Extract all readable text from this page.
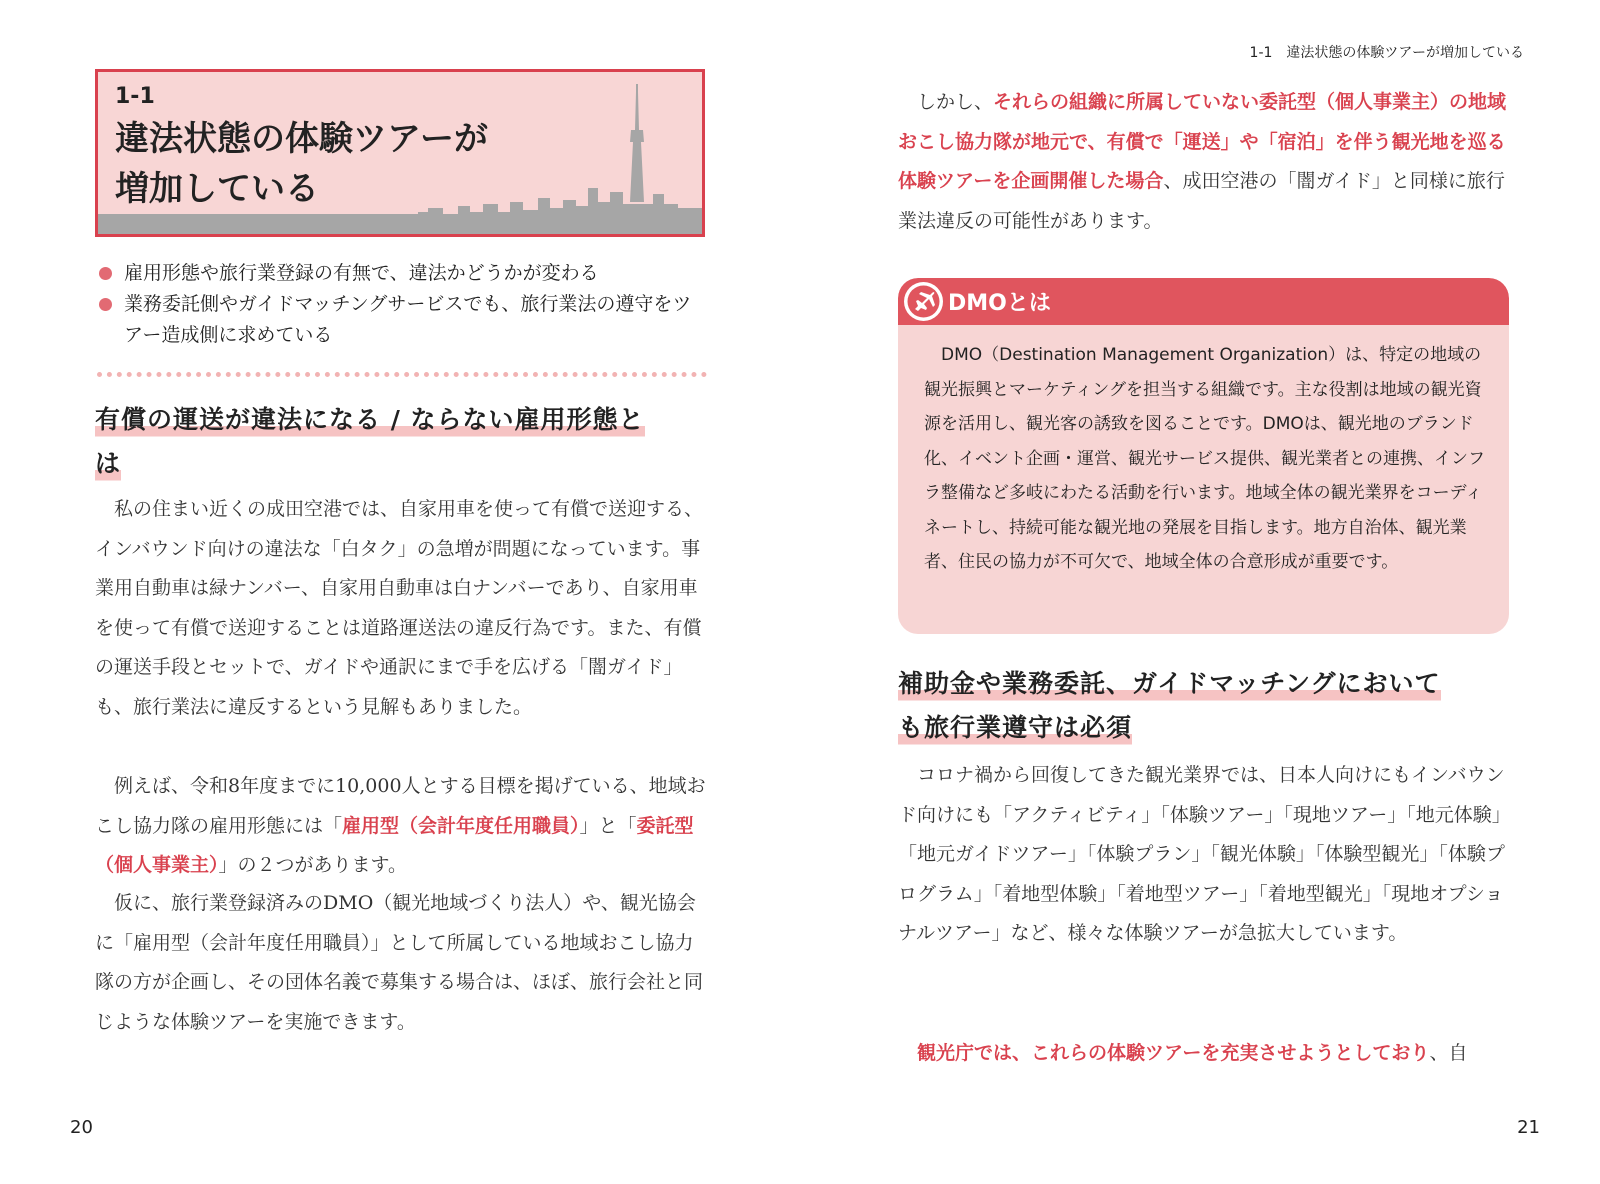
1-1　違法状態の体験ツアーが増加している
1-1
違法状態の体験ツアーが
増加している
雇用形態や旅行業登録の有無で、違法かどうかが変わる
業務委託側やガイドマッチングサービスでも、旅行業法の遵守をツアー造成側に求めている
有償の運送が違法になる / ならない雇用形態と
は

私の住まい近くの成田空港では、自家用車を使って有償で送迎する、インバウンド向けの違法な「白タク」の急増が問題になっています。事業用自動車は緑ナンバー、自家用自動車は白ナンバーであり、自家用車を使って有償で送迎することは道路運送法の違反行為です。また、有償の運送手段とセットで、ガイドや通訳にまで手を広げる「闇ガイド」も、旅行業法に違反するという見解もありました。

例えば、令和8年度までに10,000人とする目標を掲げている、地域おこし協力隊の雇用形態には「雇用型（会計年度任用職員）」と「委託型（個人事業主）」の２つがあります。

仮に、旅行業登録済みのDMO（観光地域づくり法人）や、観光協会に「雇用型（会計年度任用職員）」として所属している地域おこし協力隊の方が企画し、その団体名義で募集する場合は、ほぼ、旅行会社と同じような体験ツアーを実施できます。

しかし、それらの組織に所属していない委託型（個人事業主）の地域おこし協力隊が地元で、有償で「運送」や「宿泊」を伴う観光地を巡る体験ツアーを企画開催した場合、成田空港の「闇ガイド」と同様に旅行業法違反の可能性があります。

DMOとは

DMO（Destination Management Organization）は、特定の地域の観光振興とマーケティングを担当する組織です。主な役割は地域の観光資源を活用し、観光客の誘致を図ることです。DMOは、観光地のブランド化、イベント企画・運営、観光サービス提供、観光業者との連携、インフラ整備など多岐にわたる活動を行います。地域全体の観光業界をコーディネートし、持続可能な観光地の発展を目指します。地方自治体、観光業者、住民の協力が不可欠で、地域全体の合意形成が重要です。

補助金や業務委託、ガイドマッチングにおいて
も旅行業遵守は必須

コロナ禍から回復してきた観光業界では、日本人向けにもインバウンド向けにも「アクティビティ」「体験ツアー」「現地ツアー」「地元体験」「地元ガイドツアー」「体験プラン」「観光体験」「体験型観光」「体験プログラム」「着地型体験」「着地型ツアー」「着地型観光」「現地オプショナルツアー」など、様々な体験ツアーが急拡大しています。

観光庁では、これらの体験ツアーを充実させようとしており、自

20	21
